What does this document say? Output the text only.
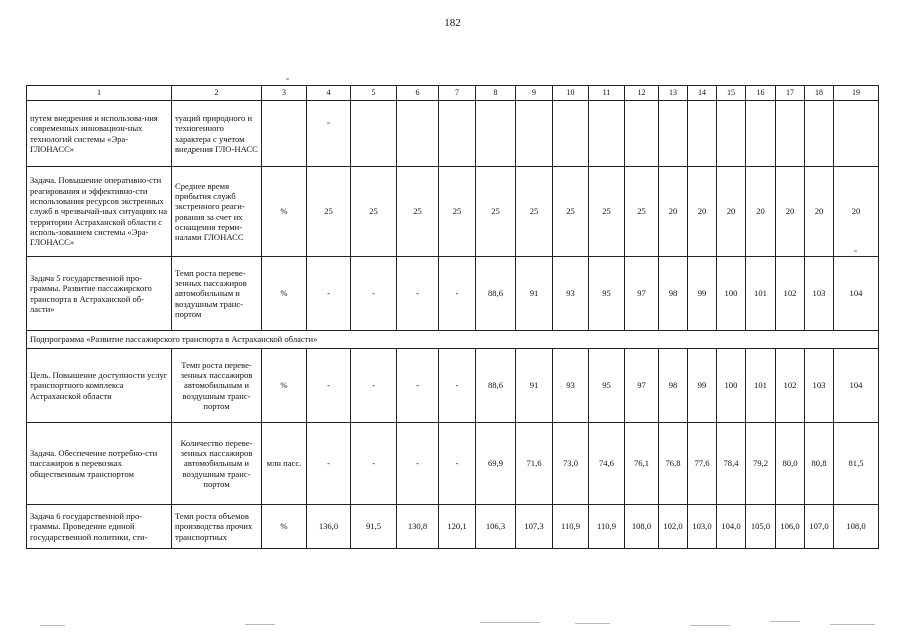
182
1	2	3	4	5	6	7	8	9	10	11	12	13	14	15	16	17	18	19
путем внедрения и использова-ния современных инновацион-ных технологий системы «Эра-ГЛОНАСС»	туаций природного и техногенного характера с учетом внедрения ГЛО-НАСС																	
Задача. Повышение оперативно-сти реагирования и эффективно-сти использования ресурсов экстренных служб в чрезвычай-ных ситуациях на территории Астраханской области с исполь-зованием системы «Эра-ГЛОНАСС»	Среднее время прибытия служб экстренного реаги-рования за счет их оснащения терми-налами ГЛОНАСС	%	25	25	25	25	25	25	25	25	25	20	20	20	20	20	20	20
Задача 5 государственной про-граммы. Развитие пассажирского транспорта в Астраханской об-ласти»	Темп роста переве-зенных пассажиров автомобильным и воздушным транс-портом	%	-	-	-	-	88,6	91	93	95	97	98	99	100	101	102	103	104
Подпрограмма «Развитие пассажирского транспорта в Астраханской области»																		
Цель. Повышение доступности услуг транспортного комплекса Астраханской области	Темп роста переве-зенных пассажиров автомобильным и воздушным транс-портом	%	-	-	-	-	88,6	91	93	95	97	98	99	100	101	102	103	104
Задача. Обеспечение потребно-сти пассажиров в перевозках общественным транспортом	Количество переве-зенных пассажиров автомобильным и воздушным транс-портом	млн пасс.	-	-	-	-	69,9	71,6	73,0	74,6	76,1	76,8	77,6	78,4	79,2	80,0	80,8	81,5
Задача 6 государственной про-граммы. Проведение единой государственной политики, сти-	Темп роста объемов производства прочих транспортных	%	136,0	91,5	130,8	120,1	106,3	107,3	110,9	110,9	108,0	102,0	103,0	104,0	105,0	106,0	107,0	108,0
